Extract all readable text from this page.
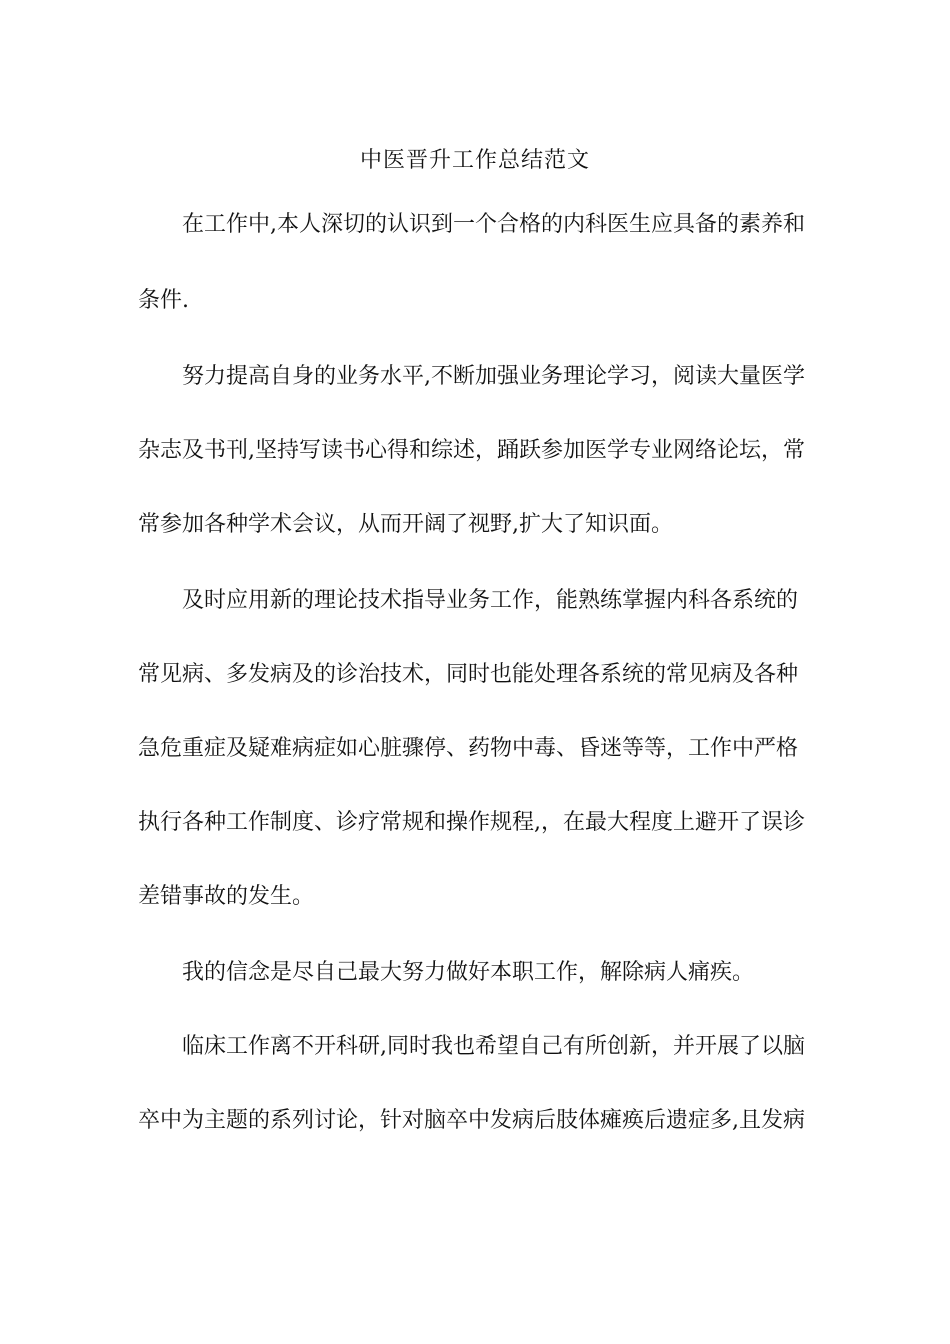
中医晋升工作总结范文
在工作中,本人深切的认识到一个合格的内科医生应具备的素养和
条件.
努力提高自身的业务水平,不断加强业务理论学习，阅读大量医学
杂志及书刊,坚持写读书心得和综述，踊跃参加医学专业网络论坛，常
常参加各种学术会议，从而开阔了视野,扩大了知识面。
及时应用新的理论技术指导业务工作，能熟练掌握内科各系统的
常见病、多发病及的诊治技术，同时也能处理各系统的常见病及各种
急危重症及疑难病症如心脏骤停、药物中毒、昏迷等等，工作中严格
执行各种工作制度、诊疗常规和操作规程,，在最大程度上避开了误诊
差错事故的发生。
我的信念是尽自己最大努力做好本职工作，解除病人痛疾。
临床工作离不开科研,同时我也希望自己有所创新，并开展了以脑
卒中为主题的系列讨论，针对脑卒中发病后肢体瘫痪后遗症多,且发病
